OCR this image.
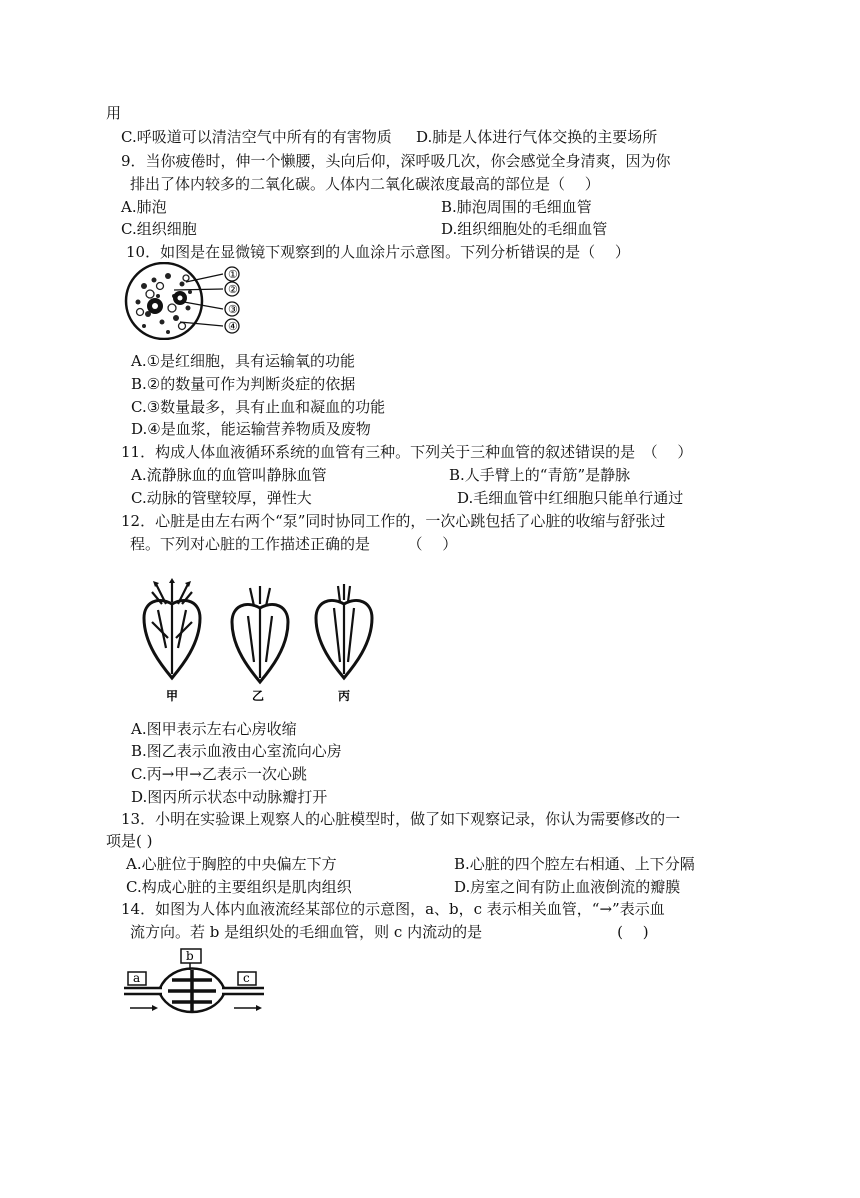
用
C.呼吸道可以清洁空气中所有的有害物质 D.肺是人体进行气体交换的主要场所
9．当你疲倦时，伸一个懒腰，头向后仰，深呼吸几次，你会感觉全身清爽，因为你
排出了体内较多的二氧化碳。人体内二氧化碳浓度最高的部位是（　 ）
A.肺泡	B.肺泡周围的毛细血管
C.组织细胞	D.组织细胞处的毛细血管
10．如图是在显微镜下观察到的人血涂片示意图。下列分析错误的是（　 ）
①
②
③
④
A.①是红细胞，具有运输氧的功能
B.②的数量可作为判断炎症的依据
C.③数量最多，具有止血和凝血的功能
D.④是血浆，能运输营养物质及废物
11．构成人体血液循环系统的血管有三种。下列关于三种血管的叙述错误的是　（　 ）
A.流静脉血的血管叫静脉血管	B.人手臂上的“青筋”是静脉
C.动脉的管壁较厚，弹性大	D.毛细血管中红细胞只能单行通过
12．心脏是由左右两个“泵”同时协同工作的，一次心跳包括了心脏的收缩与舒张过
程。下列对心脏的工作描述正确的是　　　（　 ）
甲	乙	丙
A.图甲表示左右心房收缩
B.图乙表示血液由心室流向心房
C.丙→甲→乙表示一次心跳
D.图丙所示状态中动脉瓣打开
13．小明在实验课上观察人的心脏模型时，做了如下观察记录，你认为需要修改的一
项是( )
A.心脏位于胸腔的中央偏左下方	B.心脏的四个腔左右相通、上下分隔
C.构成心脏的主要组织是肌肉组织	D.房室之间有防止血液倒流的瓣膜
14．如图为人体内血液流经某部位的示意图，a、b，c 表示相关血管，“→”表示血
流方向。若 b 是组织处的毛细血管，则 c 内流动的是　　　　　　　　　(　 )
b
a	c
